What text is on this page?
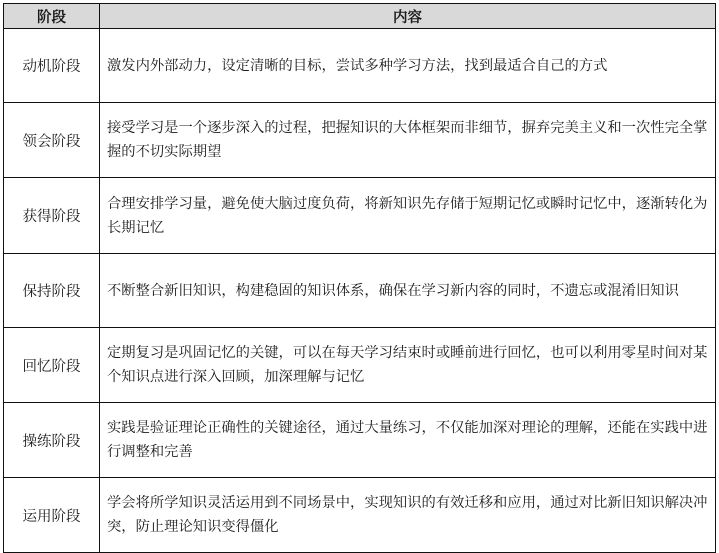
阶段	内容
动机阶段	激发内外部动力，设定清晰的目标，尝试多种学习方法，找到最适合自己的方式
领会阶段	接受学习是一个逐步深入的过程，把握知识的大体框架而非细节，摒弃完美主义和一次性完全掌握的不切实际期望
获得阶段	合理安排学习量，避免使大脑过度负荷，将新知识先存储于短期记忆或瞬时记忆中，逐渐转化为长期记忆
保持阶段	不断整合新旧知识，构建稳固的知识体系，确保在学习新内容的同时，不遗忘或混淆旧知识
回忆阶段	定期复习是巩固记忆的关键，可以在每天学习结束时或睡前进行回忆，也可以利用零星时间对某个知识点进行深入回顾，加深理解与记忆
操练阶段	实践是验证理论正确性的关键途径，通过大量练习，不仅能加深对理论的理解，还能在实践中进行调整和完善
运用阶段	学会将所学知识灵活运用到不同场景中，实现知识的有效迁移和应用，通过对比新旧知识解决冲突，防止理论知识变得僵化
